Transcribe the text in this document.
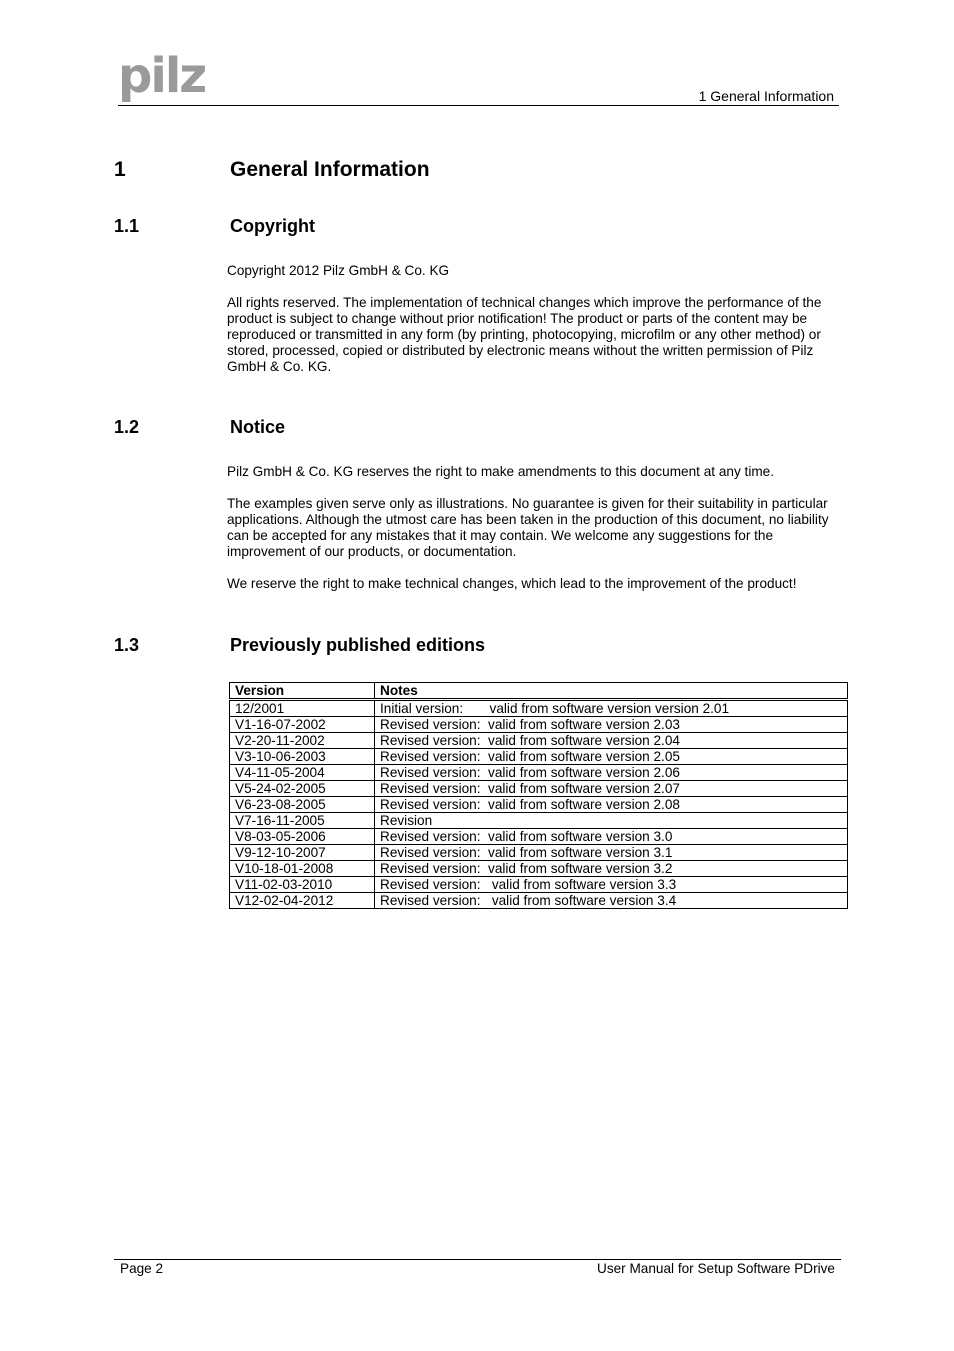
pilz	1 General Information
1	General Information
1.1	Copyright

Copyright 2012 Pilz GmbH & Co. KG

All rights reserved. The implementation of technical changes which improve the performance of the product is subject to change without prior notification! The product or parts of the content may be reproduced or transmitted in any form (by printing, photocopying, microfilm or any other method) or stored, processed, copied or distributed by electronic means without the written permission of Pilz GmbH & Co. KG.

1.2	Notice

Pilz GmbH & Co. KG reserves the right to make amendments to this document at any time.

The examples given serve only as illustrations. No guarantee is given for their suitability in particular applications. Although the utmost care has been taken in the production of this document, no liability can be accepted for any mistakes that it may contain. We welcome any suggestions for the improvement of our products, or documentation.

We reserve the right to make technical changes, which lead to the improvement of the product!

1.3	Previously published editions
Version	Notes
12/2001	Initial version:       valid from software version version 2.01
V1-16-07-2002	Revised version:  valid from software version 2.03
V2-20-11-2002	Revised version:  valid from software version 2.04
V3-10-06-2003	Revised version:  valid from software version 2.05
V4-11-05-2004	Revised version:  valid from software version 2.06
V5-24-02-2005	Revised version:  valid from software version 2.07
V6-23-08-2005	Revised version:  valid from software version 2.08
V7-16-11-2005	Revision
V8-03-05-2006	Revised version:  valid from software version 3.0
V9-12-10-2007	Revised version:  valid from software version 3.1
V10-18-01-2008	Revised version:  valid from software version 3.2
V11-02-03-2010	Revised version:   valid from software version 3.3
V12-02-04-2012	Revised version:   valid from software version 3.4
Page 2	User Manual for Setup Software PDrive
